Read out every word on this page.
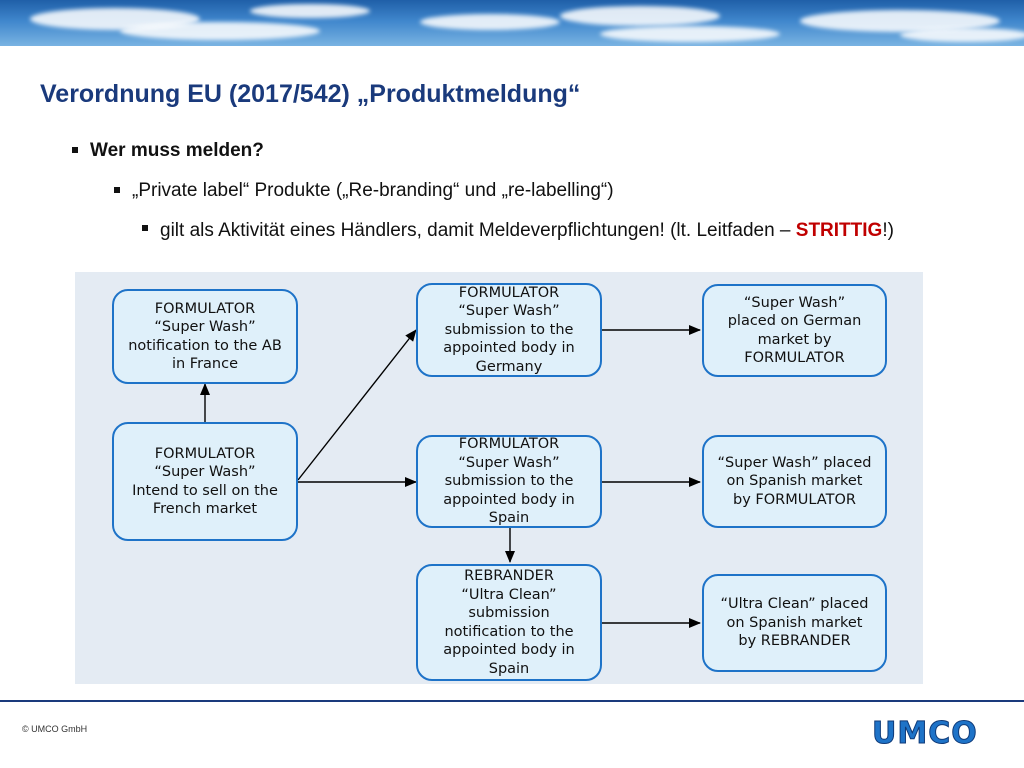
Verordnung EU (2017/542) „Produktmeldung“
Wer muss melden?
„Private label“ Produkte („Re-branding“ und „re-labelling“)
gilt als Aktivität eines Händlers, damit Meldeverpflichtungen! (lt. Leitfaden – STRITTIG!)
FORMULATOR
“Super Wash”
notification to the AB
in France
FORMULATOR
“Super Wash”
Intend to sell on the
French market
FORMULATOR
“Super Wash”
submission to the
appointed body in
Germany
FORMULATOR
“Super Wash”
submission to the
appointed body in
Spain
REBRANDER
“Ultra Clean”
submission
notification to the
appointed body in
Spain
“Super Wash”
placed on German
market by
FORMULATOR
“Super Wash” placed
on Spanish market
by FORMULATOR
“Ultra Clean” placed
on Spanish market
by REBRANDER
© UMCO GmbH	UMCO
